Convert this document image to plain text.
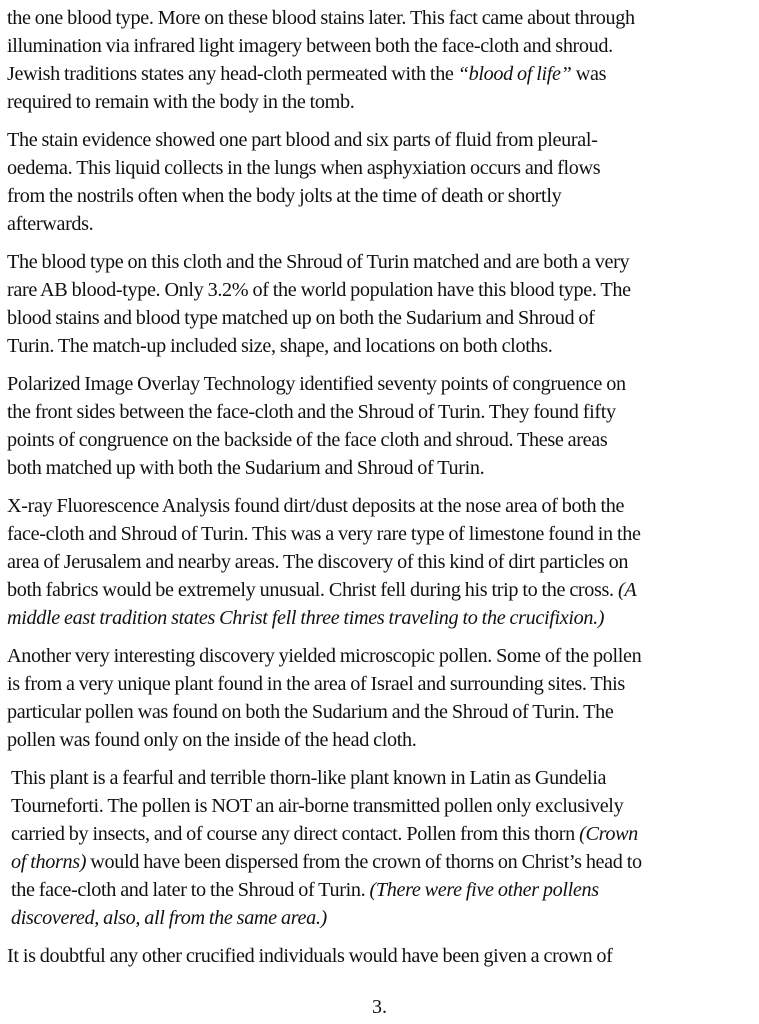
the one blood type. More on these blood stains later. This fact came about through
illumination via infrared light imagery between both the face-cloth and shroud.
Jewish traditions states any head-cloth permeated with the “blood of life” was
required to remain with the body in the tomb.

The stain evidence showed one part blood and six parts of fluid from pleural-
oedema. This liquid collects in the lungs when asphyxiation occurs and flows
from the nostrils often when the body jolts at the time of death or shortly
afterwards.

The blood type on this cloth and the Shroud of Turin matched and are both a very
rare AB blood-type. Only 3.2% of the world population have this blood type. The
blood stains and blood type matched up on both the Sudarium and Shroud of
Turin. The match-up included size, shape, and locations on both cloths.

Polarized Image Overlay Technology identified seventy points of congruence on
the front sides between the face-cloth and the Shroud of Turin. They found fifty
points of congruence on the backside of the face cloth and shroud. These areas
both matched up with both the Sudarium and Shroud of Turin.

X-ray Fluorescence Analysis found dirt/dust deposits at the nose area of both the
face-cloth and Shroud of Turin. This was a very rare type of limestone found in the
area of Jerusalem and nearby areas. The discovery of this kind of dirt particles on
both fabrics would be extremely unusual. Christ fell during his trip to the cross. (A
middle east tradition states Christ fell three times traveling to the crucifixion.)

Another very interesting discovery yielded microscopic pollen. Some of the pollen
is from a very unique plant found in the area of Israel and surrounding sites. This
particular pollen was found on both the Sudarium and the Shroud of Turin. The
pollen was found only on the inside of the head cloth.

This plant is a fearful and terrible thorn-like plant known in Latin as Gundelia
Tourneforti. The pollen is NOT an air-borne transmitted pollen only exclusively
carried by insects, and of course any direct contact. Pollen from this thorn (Crown
of thorns) would have been dispersed from the crown of thorns on Christ’s head to
the face-cloth and later to the Shroud of Turin. (There were five other pollens
discovered, also, all from the same area.)

It is doubtful any other crucified individuals would have been given a crown of

3.
